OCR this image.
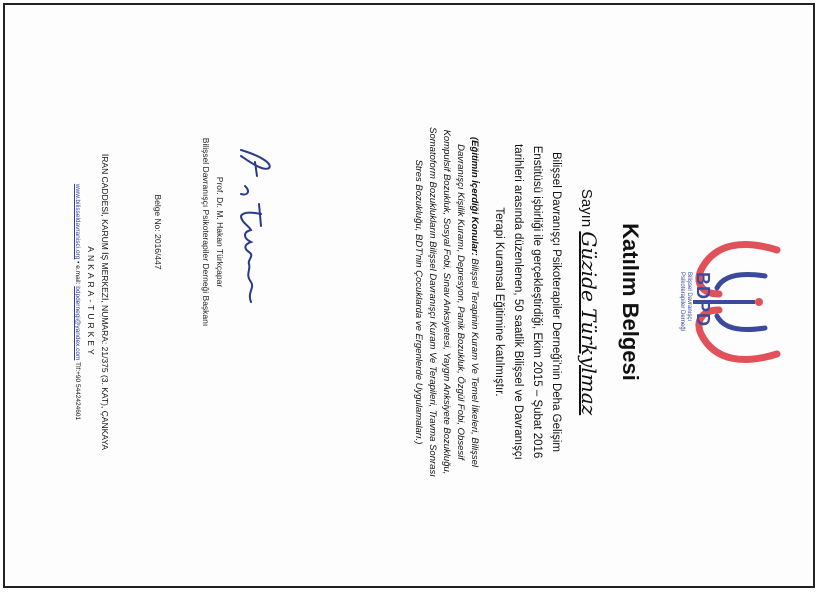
BDPD
Bilişsel Davranışçı
Psikoterapiler Derneği
Katılım Belgesi
Sayın Güzide Türkylmaz
Bilişsel Davranışçı Psikoterapiler Derneği'nin Deha Gelişim
Enstitüsü işbirliği ile gerçekleştirdiği, Ekim 2015 – Şubat 2016
tarihleri arasında düzenlenen, 50 saatlik Bilişsel ve Davranışçı
Terapi Kuramsal Eğitimine katılmıştır.
(Eğitimin İçerdiği Konular: Bilişsel Terapinin Kuram Ve Temel İlkeleri, Bilişsel
Davranışçı Kişilik Kuramı, Depresyon, Panik Bozukluk, Özgül Fobi, Obsesif
Kompulsif Bozukluk, Sosyal Fobi, Sınav Anksiyetesi, Yaygın Anksiyete Bozukluğu,
Somatoform Bozuklukların Bilişsel Davranışçı Kuram Ve Terapileri, Travma Sonrası
Stres Bozukluğu, BDT'nin Çocuklarda ve Ergenlerde Uygulamaları.)
Prof. Dr. M. Hakan Türkçapar
Bilişsel Davranışçı Psikoterapiler Derneği Başkanı
Belge No: 2016/447
İRAN CADDESİ, KARUM İŞ MERKEZİ, NUMARA: 21/375 (3. KAT), ÇANKAYA
ANKARA-TURKEY
www.bilisseldavranisci.org • e.mail: bdpdernegi@yandex.com Tlf:+90 5442424601
